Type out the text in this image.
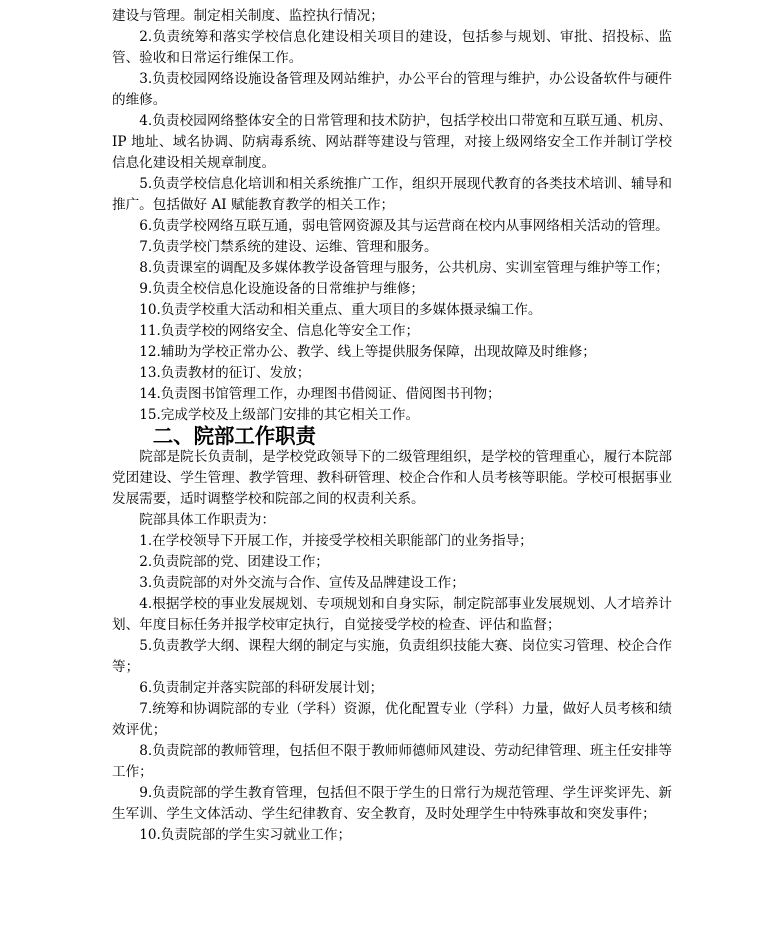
建设与管理。制定相关制度、监控执行情况；

2.负责统筹和落实学校信息化建设相关项目的建设，包括参与规划、审批、招投标、监管、验收和日常运行维保工作。

3.负责校园网络设施设备管理及网站维护，办公平台的管理与维护，办公设备软件与硬件的维修。

4.负责校园网络整体安全的日常管理和技术防护，包括学校出口带宽和互联互通、机房、IP 地址、域名协调、防病毒系统、网站群等建设与管理，对接上级网络安全工作并制订学校信息化建设相关规章制度。

5.负责学校信息化培训和相关系统推广工作，组织开展现代教育的各类技术培训、辅导和推广。包括做好 AI 赋能教育教学的相关工作；

6.负责学校网络互联互通，弱电管网资源及其与运营商在校内从事网络相关活动的管理。

7.负责学校门禁系统的建设、运维、管理和服务。

8.负责课室的调配及多媒体教学设备管理与服务，公共机房、实训室管理与维护等工作；

9.负责全校信息化设施设备的日常维护与维修；

10.负责学校重大活动和相关重点、重大项目的多媒体摄录编工作。

11.负责学校的网络安全、信息化等安全工作；

12.辅助为学校正常办公、教学、线上等提供服务保障，出现故障及时维修；

13.负责教材的征订、发放；

14.负责图书馆管理工作，办理图书借阅证、借阅图书刊物；

15.完成学校及上级部门安排的其它相关工作。

二、院部工作职责

院部是院长负责制，是学校党政领导下的二级管理组织，是学校的管理重心，履行本院部党团建设、学生管理、教学管理、教科研管理、校企合作和人员考核等职能。学校可根据事业发展需要，适时调整学校和院部之间的权责利关系。

院部具体工作职责为：

1.在学校领导下开展工作，并接受学校相关职能部门的业务指导；

2.负责院部的党、团建设工作；

3.负责院部的对外交流与合作、宣传及品牌建设工作；

4.根据学校的事业发展规划、专项规划和自身实际，制定院部事业发展规划、人才培养计划、年度目标任务并报学校审定执行，自觉接受学校的检查、评估和监督；

5.负责教学大纲、课程大纲的制定与实施，负责组织技能大赛、岗位实习管理、校企合作等；

6.负责制定并落实院部的科研发展计划；

7.统筹和协调院部的专业（学科）资源，优化配置专业（学科）力量，做好人员考核和绩效评优；

8.负责院部的教师管理，包括但不限于教师师德师风建设、劳动纪律管理、班主任安排等工作；

9.负责院部的学生教育管理，包括但不限于学生的日常行为规范管理、学生评奖评先、新生军训、学生文体活动、学生纪律教育、安全教育，及时处理学生中特殊事故和突发事件；

10.负责院部的学生实习就业工作；
